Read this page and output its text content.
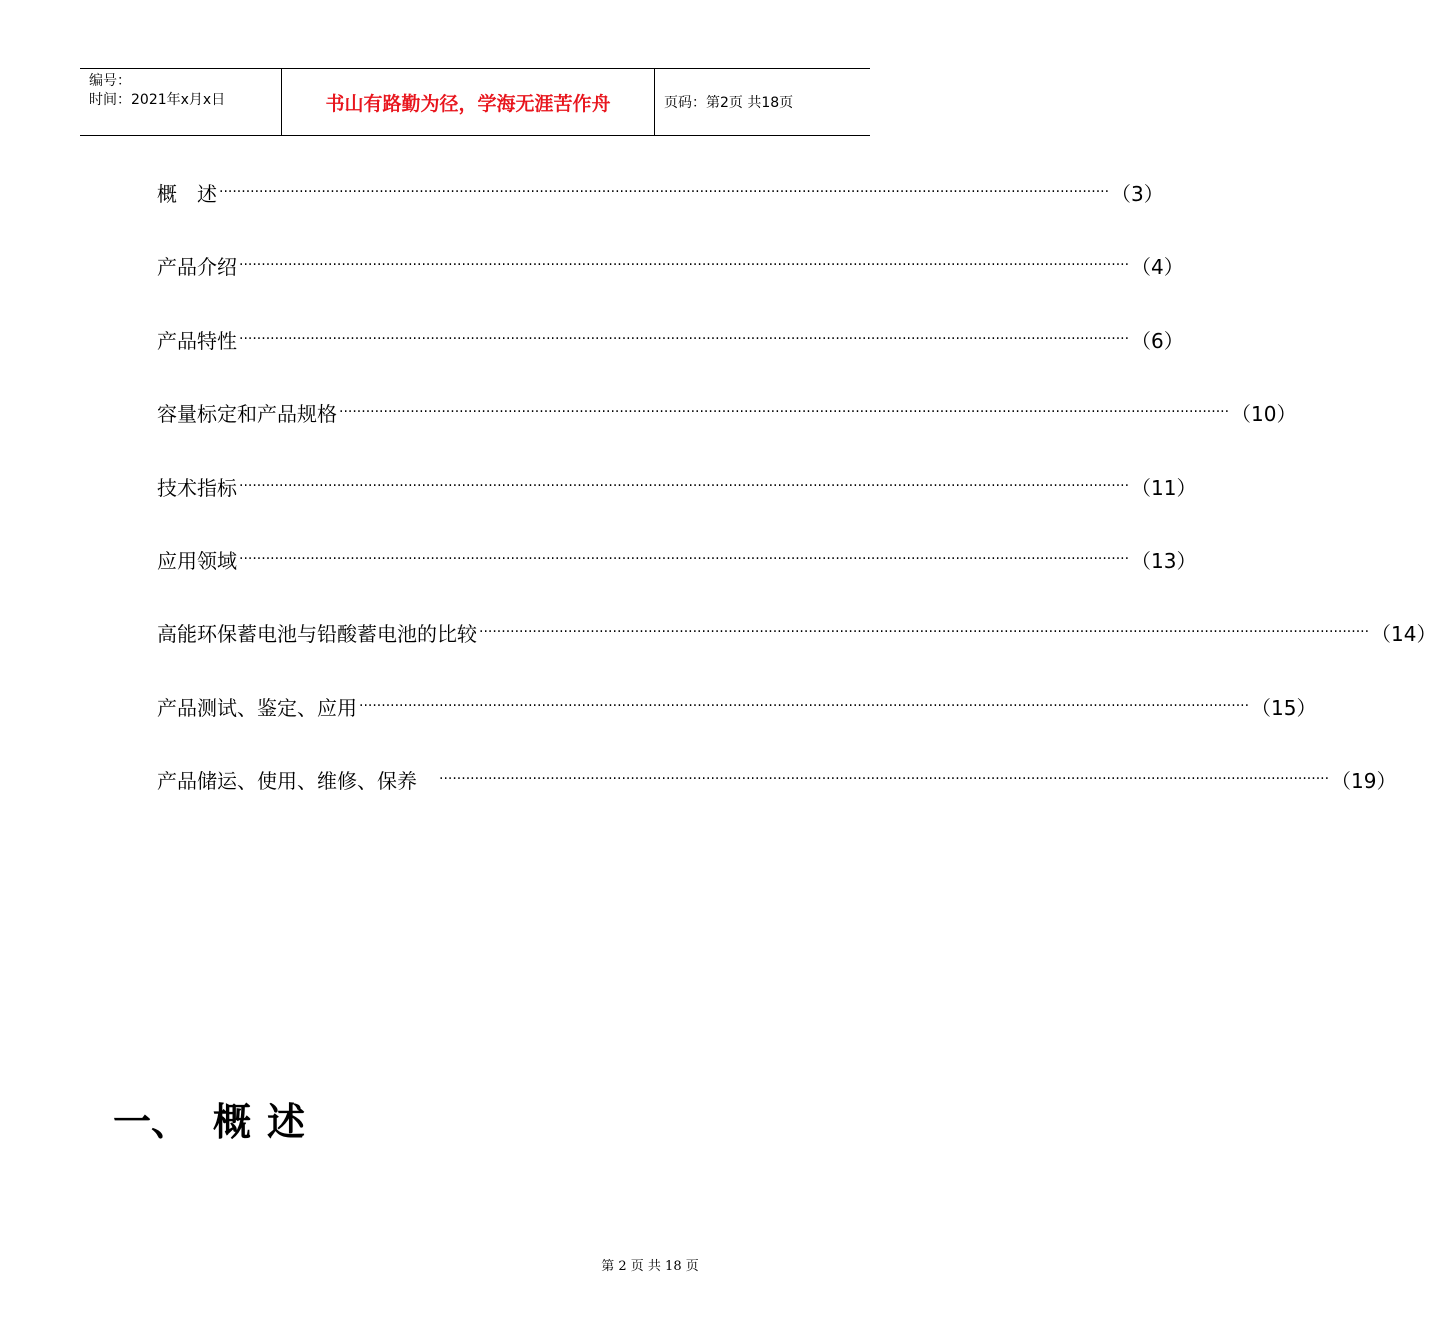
编号：
时间：2021年x月x日	书山有路勤为径，学海无涯苦作舟	页码：第2页 共18页
概　述 ········································································································································································································ （3）
产品介绍 ········································································································································································································ （4）
产品特性 ········································································································································································································ （6）
容量标定和产品规格 ········································································································································································································ （10）
技术指标 ········································································································································································································ （11）
应用领域 ········································································································································································································ （13）
高能环保蓄电池与铅酸蓄电池的比较 ········································································································································································································ （14）
产品测试、鉴定、应用 ········································································································································································································ （15）
产品储运、使用、维修、保养　 ········································································································································································································ （19）
一、 概述
第 2 页 共 18 页
